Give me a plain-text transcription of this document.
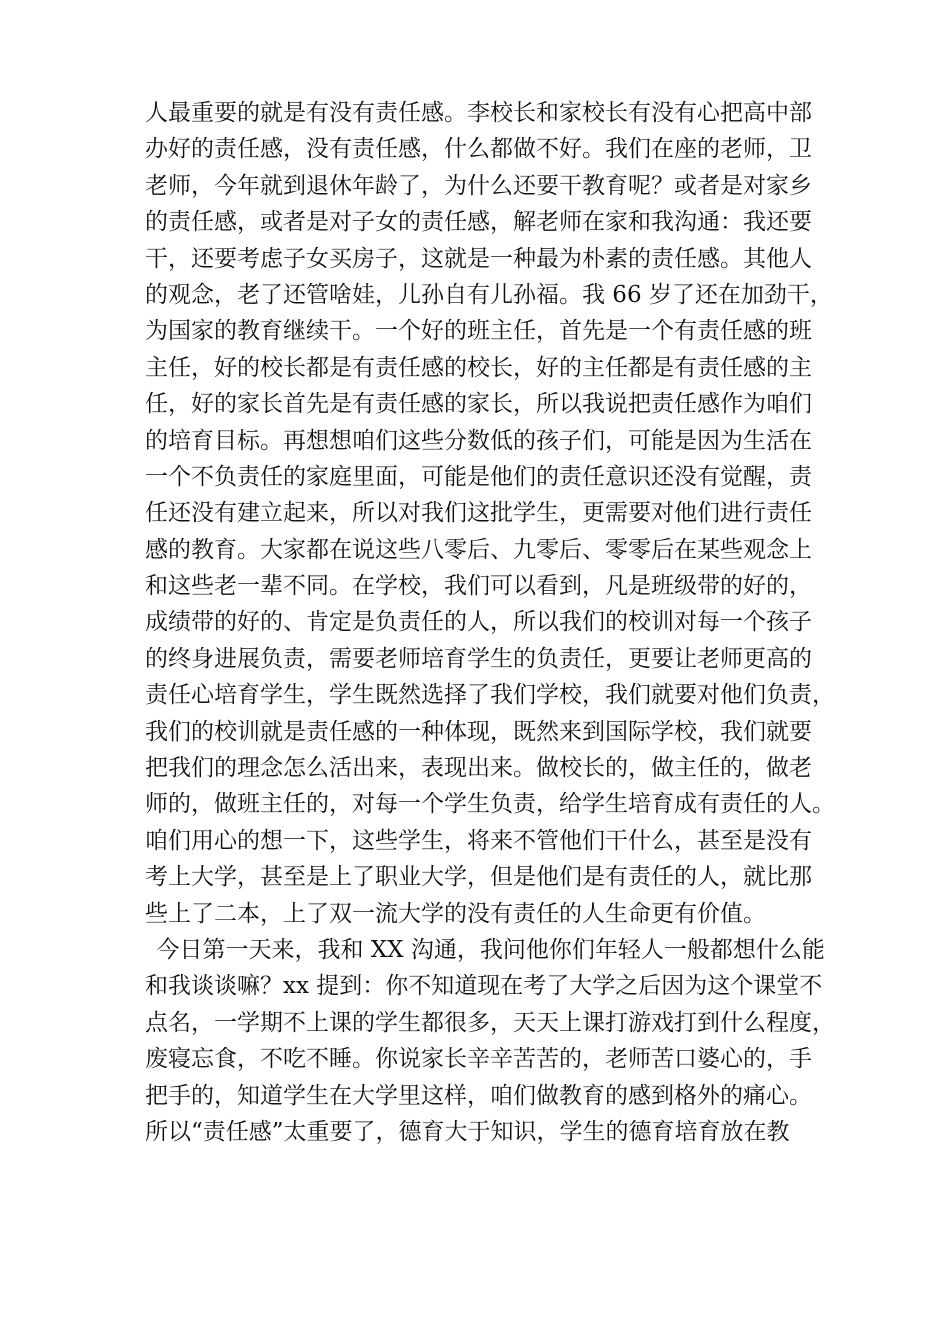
人最重要的就是有没有责任感。李校长和家校长有没有心把高中部
办好的责任感，没有责任感，什么都做不好。我们在座的老师，卫
老师，今年就到退休年龄了，为什么还要干教育呢？或者是对家乡
的责任感，或者是对子女的责任感，解老师在家和我沟通：我还要
干，还要考虑子女买房子，这就是一种最为朴素的责任感。其他人
的观念，老了还管啥娃，儿孙自有儿孙福。我 66 岁了还在加劲干，
为国家的教育继续干。一个好的班主任，首先是一个有责任感的班
主任，好的校长都是有责任感的校长，好的主任都是有责任感的主
任，好的家长首先是有责任感的家长，所以我说把责任感作为咱们
的培育目标。再想想咱们这些分数低的孩子们，可能是因为生活在
一个不负责任的家庭里面，可能是他们的责任意识还没有觉醒，责
任还没有建立起来，所以对我们这批学生，更需要对他们进行责任
感的教育。大家都在说这些八零后、九零后、零零后在某些观念上
和这些老一辈不同。在学校，我们可以看到，凡是班级带的好的，
成绩带的好的、肯定是负责任的人，所以我们的校训对每一个孩子
的终身进展负责，需要老师培育学生的负责任，更要让老师更高的
责任心培育学生，学生既然选择了我们学校，我们就要对他们负责，
我们的校训就是责任感的一种体现，既然来到国际学校，我们就要
把我们的理念怎么活出来，表现出来。做校长的，做主任的，做老
师的，做班主任的，对每一个学生负责，给学生培育成有责任的人。
咱们用心的想一下，这些学生，将来不管他们干什么，甚至是没有
考上大学，甚至是上了职业大学，但是他们是有责任的人，就比那
些上了二本，上了双一流大学的没有责任的人生命更有价值。
今日第一天来，我和 XX 沟通，我问他你们年轻人一般都想什么能
和我谈谈嘛？xx 提到：你不知道现在考了大学之后因为这个课堂不
点名，一学期不上课的学生都很多，天天上课打游戏打到什么程度，
废寝忘食，不吃不睡。你说家长辛辛苦苦的，老师苦口婆心的，手
把手的，知道学生在大学里这样，咱们做教育的感到格外的痛心。
所以“责任感”太重要了，德育大于知识，学生的德育培育放在教
